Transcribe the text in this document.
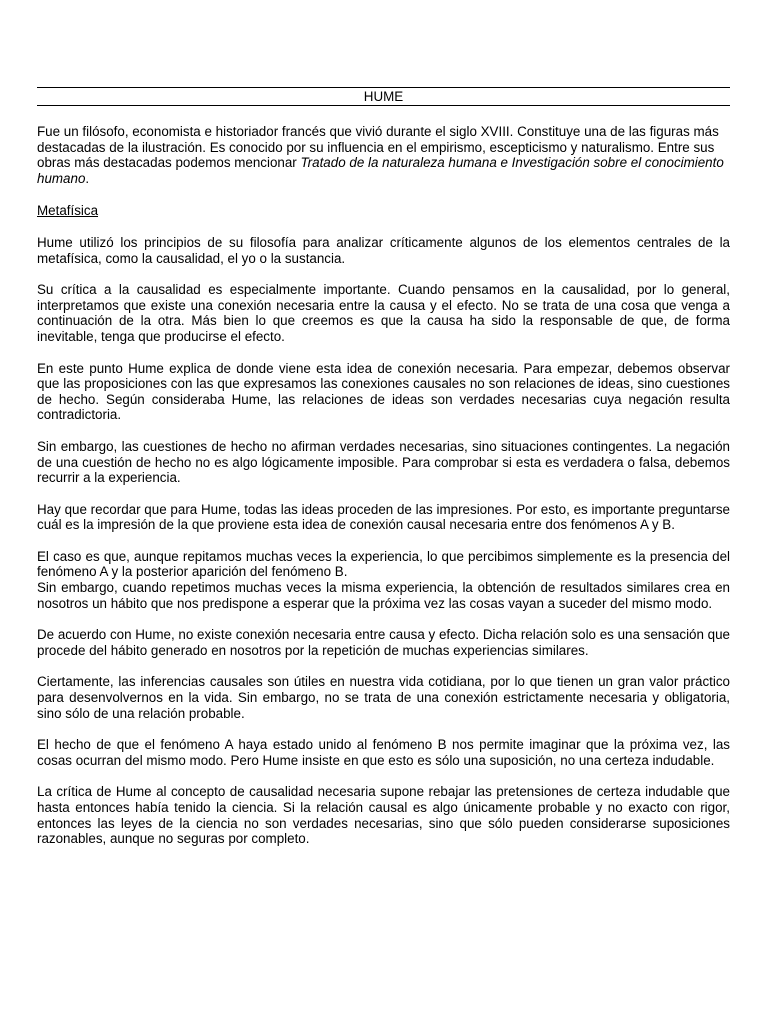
HUME

Fue un filósofo, economista e historiador francés que vivió durante el siglo XVIII. Constituye una de las figuras más destacadas de la ilustración. Es conocido por su influencia en el empirismo, escepticismo y naturalismo. Entre sus obras más destacadas podemos mencionar Tratado de la naturaleza humana e Investigación sobre el conocimiento humano.

Metafísica

Hume utilizó los principios de su filosofía para analizar críticamente algunos de los elementos centrales de la metafísica, como la causalidad, el yo o la sustancia.

Su crítica a la causalidad es especialmente importante. Cuando pensamos en la causalidad, por lo general, interpretamos que existe una conexión necesaria entre la causa y el efecto. No se trata de una cosa que venga a continuación de la otra. Más bien lo que creemos es que la causa ha sido la responsable de que, de forma inevitable, tenga que producirse el efecto.

En este punto Hume explica de donde viene esta idea de conexión necesaria. Para empezar, debemos observar que las proposiciones con las que expresamos las conexiones causales no son relaciones de ideas, sino cuestiones de hecho. Según consideraba Hume, las relaciones de ideas son verdades necesarias cuya negación resulta contradictoria.

Sin embargo, las cuestiones de hecho no afirman verdades necesarias, sino situaciones contingentes. La negación de una cuestión de hecho no es algo lógicamente imposible. Para comprobar si esta es verdadera o falsa, debemos recurrir a la experiencia.

Hay que recordar que para Hume, todas las ideas proceden de las impresiones. Por esto, es importante preguntarse cuál es la impresión de la que proviene esta idea de conexión causal necesaria entre dos fenómenos A y B.

El caso es que, aunque repitamos muchas veces la experiencia, lo que percibimos simplemente es la presencia del fenómeno A y la posterior aparición del fenómeno B.

Sin embargo, cuando repetimos muchas veces la misma experiencia, la obtención de resultados similares crea en nosotros un hábito que nos predispone a esperar que la próxima vez las cosas vayan a suceder del mismo modo.

De acuerdo con Hume, no existe conexión necesaria entre causa y efecto. Dicha relación solo es una sensación que procede del hábito generado en nosotros por la repetición de muchas experiencias similares.

Ciertamente, las inferencias causales son útiles en nuestra vida cotidiana, por lo que tienen un gran valor práctico para desenvolvernos en la vida. Sin embargo, no se trata de una conexión estrictamente necesaria y obligatoria, sino sólo de una relación probable.

El hecho de que el fenómeno A haya estado unido al fenómeno B nos permite imaginar que la próxima vez, las cosas ocurran del mismo modo. Pero Hume insiste en que esto es sólo una suposición, no una certeza indudable.

La crítica de Hume al concepto de causalidad necesaria supone rebajar las pretensiones de certeza indudable que hasta entonces había tenido la ciencia. Si la relación causal es algo únicamente probable y no exacto con rigor, entonces las leyes de la ciencia no son verdades necesarias, sino que sólo pueden considerarse suposiciones razonables, aunque no seguras por completo.
